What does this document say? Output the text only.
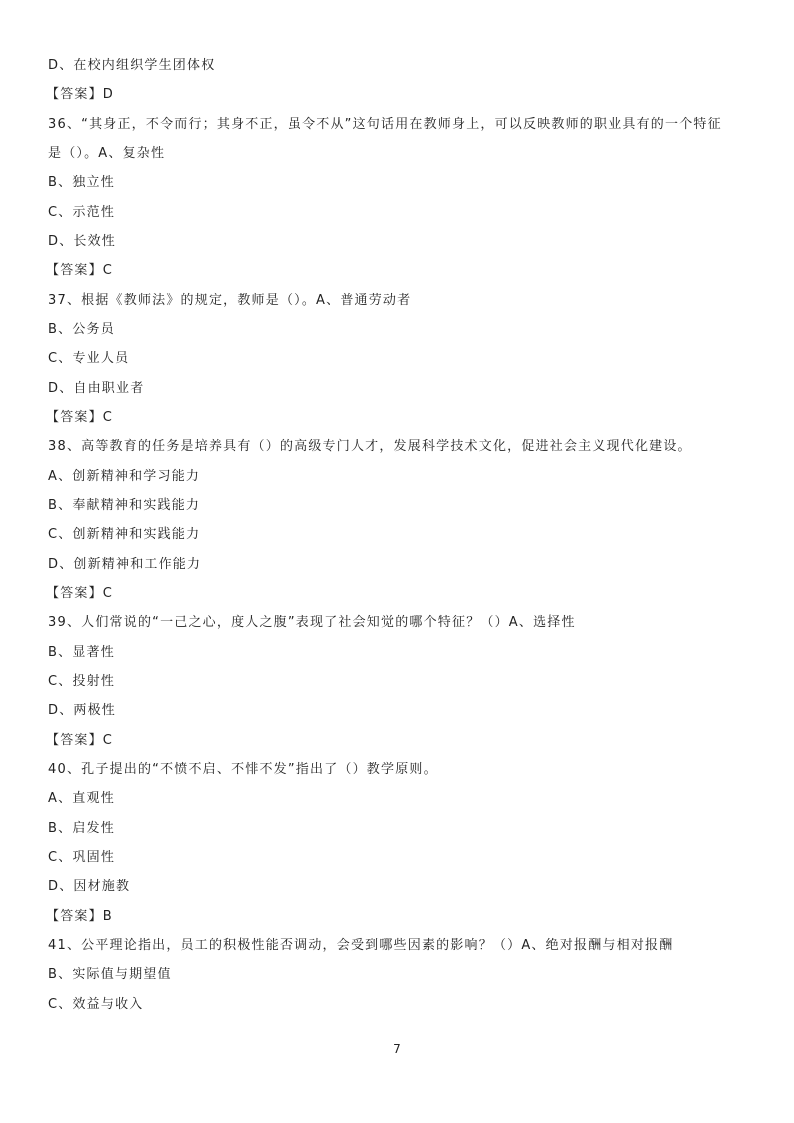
D、在校内组织学生团体权
【答案】D
36、“其身正，不令而行；其身不正，虽令不从”这句话用在教师身上，可以反映教师的职业具有的一个特征
是（）。A、复杂性
B、独立性
C、示范性
D、长效性
【答案】C
37、根据《教师法》的规定，教师是（）。A、普通劳动者
B、公务员
C、专业人员
D、自由职业者
【答案】C
38、高等教育的任务是培养具有（）的高级专门人才，发展科学技术文化，促进社会主义现代化建设。
A、创新精神和学习能力
B、奉献精神和实践能力
C、创新精神和实践能力
D、创新精神和工作能力
【答案】C
39、人们常说的“一己之心，度人之腹”表现了社会知觉的哪个特征？（）A、选择性
B、显著性
C、投射性
D、两极性
【答案】C
40、孔子提出的“不愤不启、不悱不发”指出了（）教学原则。
A、直观性
B、启发性
C、巩固性
D、因材施教
【答案】B
41、公平理论指出，员工的积极性能否调动，会受到哪些因素的影响？（）A、绝对报酬与相对报酬
B、实际值与期望值
C、效益与收入
7
